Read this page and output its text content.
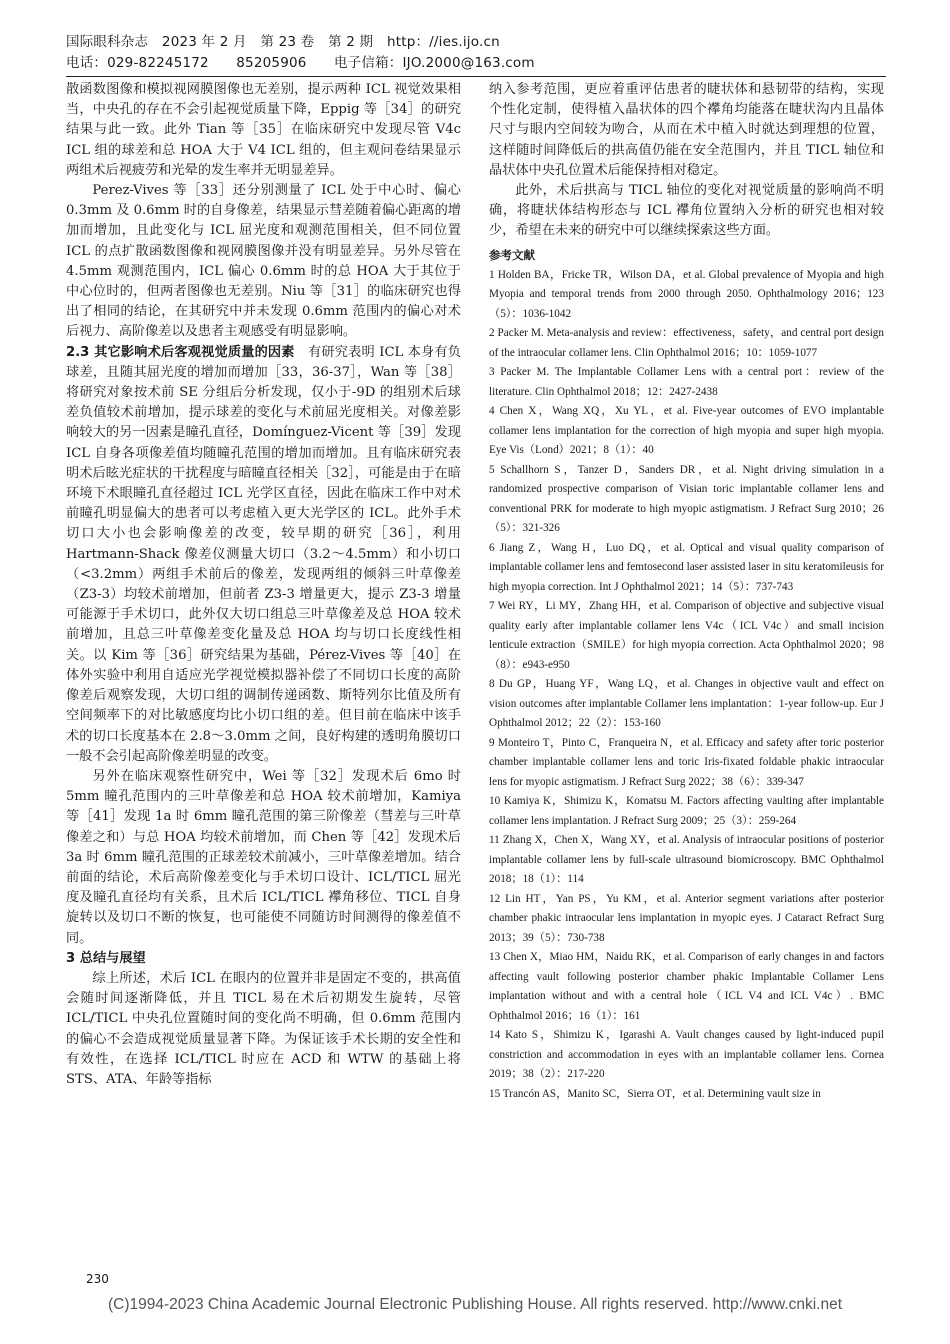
国际眼科杂志　2023 年 2 月　第 23 卷　第 2 期　http：//ies.ijo.cn
电话：029-82245172　　85205906　　电子信箱：IJO.2000@163.com

散函数图像和模拟视网膜图像也无差别，提示两种 ICL 视觉效果相当，中央孔的存在不会引起视觉质量下降，Eppig 等［34］的研究结果与此一致。此外 Tian 等［35］在临床研究中发现尽管 V4c ICL 组的球差和总 HOA 大于 V4 ICL 组的，但主观问卷结果显示两组术后视疲劳和光晕的发生率并无明显差异。

Perez-Vives 等［33］还分别测量了 ICL 处于中心时、偏心 0.3mm 及 0.6mm 时的自身像差，结果显示彗差随着偏心距离的增加而增加，且此变化与 ICL 屈光度和观测范围相关，但不同位置 ICL 的点扩散函数图像和视网膜图像并没有明显差异。另外尽管在 4.5mm 观测范围内，ICL 偏心 0.6mm 时的总 HOA 大于其位于中心位时的，但两者图像也无差别。Niu 等［31］的临床研究也得出了相同的结论，在其研究中并未发现 0.6mm 范围内的偏心对术后视力、高阶像差以及患者主观感受有明显影响。

2.3 其它影响术后客观视觉质量的因素　有研究表明 ICL 本身有负球差，且随其屈光度的增加而增加［33，36-37］，Wan 等［38］将研究对象按术前 SE 分组后分析发现，仅小于-9D 的组别术后球差负值较术前增加，提示球差的变化与术前屈光度相关。对像差影响较大的另一因素是瞳孔直径，Domínguez-Vicent 等［39］发现 ICL 自身各项像差值均随瞳孔范围的增加而增加。且有临床研究表明术后眩光症状的干扰程度与暗瞳直径相关［32］，可能是由于在暗环境下术眼瞳孔直径超过 ICL 光学区直径，因此在临床工作中对术前瞳孔明显偏大的患者可以考虑植入更大光学区的 ICL。此外手术切口大小也会影响像差的改变，较早期的研究［36］，利用 Hartmann-Shack 像差仪测量大切口（3.2～4.5mm）和小切口（<3.2mm）两组手术前后的像差，发现两组的倾斜三叶草像差（Z3-3）均较术前增加，但前者 Z3-3 增量更大，提示 Z3-3 增量可能源于手术切口，此外仅大切口组总三叶草像差及总 HOA 较术前增加，且总三叶草像差变化量及总 HOA 均与切口长度线性相关。以 Kim 等［36］研究结果为基础，Pérez-Vives 等［40］在体外实验中利用自适应光学视觉模拟器补偿了不同切口长度的高阶像差后观察发现，大切口组的调制传递函数、斯特列尔比值及所有空间频率下的对比敏感度均比小切口组的差。但目前在临床中该手术的切口长度基本在 2.8～3.0mm 之间，良好构建的透明角膜切口一般不会引起高阶像差明显的改变。

另外在临床观察性研究中，Wei 等［32］发现术后 6mo 时 5mm 瞳孔范围内的三叶草像差和总 HOA 较术前增加，Kamiya 等［41］发现 1a 时 6mm 瞳孔范围的第三阶像差（彗差与三叶草像差之和）与总 HOA 均较术前增加，而 Chen 等［42］发现术后 3a 时 6mm 瞳孔范围的正球差较术前减小，三叶草像差增加。结合前面的结论，术后高阶像差变化与手术切口设计、ICL/TICL 屈光度及瞳孔直径均有关系，且术后 ICL/TICL 襻角移位、TICL 自身旋转以及切口不断的恢复，也可能使不同随访时间测得的像差值不同。

3 总结与展望

综上所述，术后 ICL 在眼内的位置并非是固定不变的，拱高值会随时间逐渐降低，并且 TICL 易在术后初期发生旋转，尽管 ICL/TICL 中央孔位置随时间的变化尚不明确，但 0.6mm 范围内的偏心不会造成视觉质量显著下降。为保证该手术长期的安全性和有效性，在选择 ICL/TICL 时应在 ACD 和 WTW 的基础上将 STS、ATA、年龄等指标

纳入参考范围，更应着重评估患者的睫状体和悬韧带的结构，实现个性化定制，使得植入晶状体的四个襻角均能落在睫状沟内且晶体尺寸与眼内空间较为吻合，从而在术中植入时就达到理想的位置，这样随时间降低后的拱高值仍能在安全范围内，并且 TICL 轴位和晶状体中央孔位置术后能保持相对稳定。

此外，术后拱高与 TICL 轴位的变化对视觉质量的影响尚不明确，将睫状体结构形态与 ICL 襻角位置纳入分析的研究也相对较少，希望在未来的研究中可以继续探索这些方面。

参考文献

1 Holden BA，Fricke TR，Wilson DA，et al. Global prevalence of Myopia and high Myopia and temporal trends from 2000 through 2050. Ophthalmology 2016；123（5）：1036-1042

2 Packer M. Meta-analysis and review：effectiveness，safety，and central port design of the intraocular collamer lens. Clin Ophthalmol 2016；10：1059-1077

3 Packer M. The Implantable Collamer Lens with a central port：review of the literature. Clin Ophthalmol 2018；12：2427-2438

4 Chen X，Wang XQ，Xu YL，et al. Five-year outcomes of EVO implantable collamer lens implantation for the correction of high myopia and super high myopia. Eye Vis（Lond）2021；8（1）：40

5 Schallhorn S，Tanzer D，Sanders DR，et al. Night driving simulation in a randomized prospective comparison of Visian toric implantable collamer lens and conventional PRK for moderate to high myopic astigmatism. J Refract Surg 2010；26（5）：321-326

6 Jiang Z，Wang H，Luo DQ，et al. Optical and visual quality comparison of implantable collamer lens and femtosecond laser assisted laser in situ keratomileusis for high myopia correction. Int J Ophthalmol 2021；14（5）：737-743

7 Wei RY，Li MY，Zhang HH，et al. Comparison of objective and subjective visual quality early after implantable collamer lens V4c（ICL V4c）and small incision lenticule extraction（SMILE）for high myopia correction. Acta Ophthalmol 2020；98（8）：e943-e950

8 Du GP，Huang YF，Wang LQ，et al. Changes in objective vault and effect on vision outcomes after implantable Collamer lens implantation：1-year follow-up. Eur J Ophthalmol 2012；22（2）：153-160

9 Monteiro T，Pinto C，Franqueira N，et al. Efficacy and safety after toric posterior chamber implantable collamer lens and toric Iris-fixated foldable phakic intraocular lens for myopic astigmatism. J Refract Surg 2022；38（6）：339-347

10 Kamiya K，Shimizu K，Komatsu M. Factors affecting vaulting after implantable collamer lens implantation. J Refract Surg 2009；25（3）：259-264

11 Zhang X，Chen X，Wang XY，et al. Analysis of intraocular positions of posterior implantable collamer lens by full-scale ultrasound biomicroscopy. BMC Ophthalmol 2018；18（1）：114

12 Lin HT，Yan PS，Yu KM，et al. Anterior segment variations after posterior chamber phakic intraocular lens implantation in myopic eyes. J Cataract Refract Surg 2013；39（5）：730-738

13 Chen X，Miao HM，Naidu RK，et al. Comparison of early changes in and factors affecting vault following posterior chamber phakic Implantable Collamer Lens implantation without and with a central hole（ICL V4 and ICL V4c）. BMC Ophthalmol 2016；16（1）：161

14 Kato S，Shimizu K，Igarashi A. Vault changes caused by light-induced pupil constriction and accommodation in eyes with an implantable collamer lens. Cornea 2019；38（2）：217-220

15 Trancón AS，Manito SC，Sierra OT，et al. Determining vault size in

230
(C)1994-2023 China Academic Journal Electronic Publishing House. All rights reserved. http://www.cnki.net
